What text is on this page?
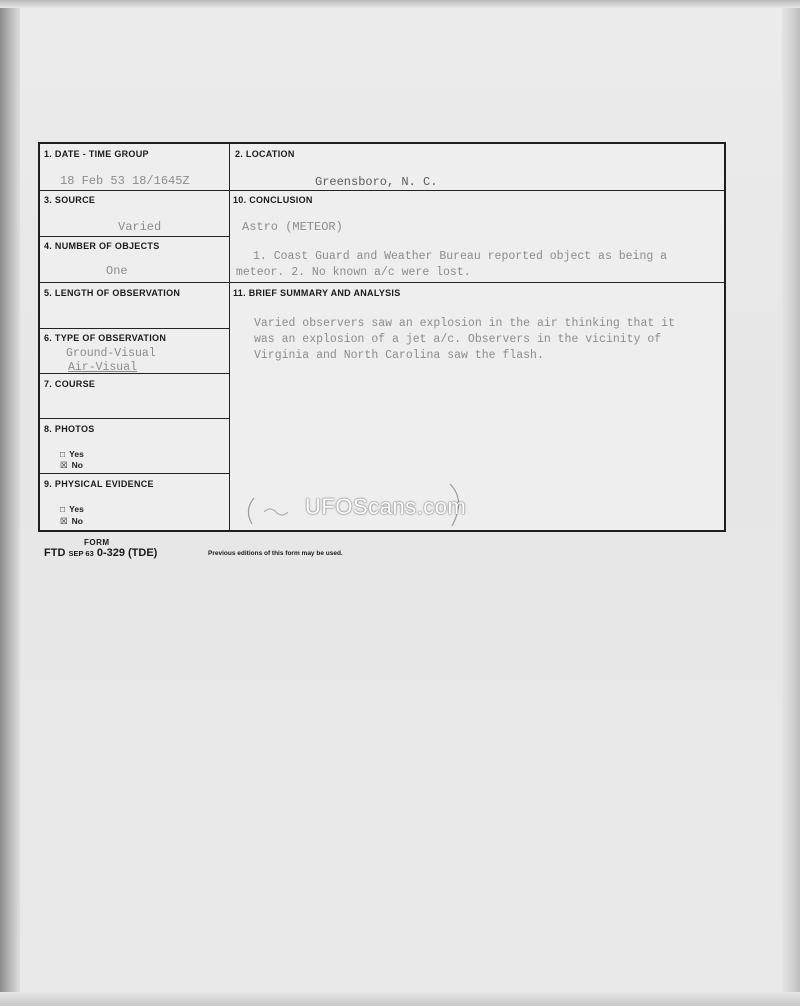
1. DATE - TIME GROUP
18 Feb 53 18/1645Z
2. LOCATION
Greensboro, N. C.
3. SOURCE
Varied
10. CONCLUSION
Astro (METEOR)
4. NUMBER OF OBJECTS
One
1. Coast Guard and Weather Bureau reported object as being a
meteor. 2. No known a/c were lost.
5. LENGTH OF OBSERVATION	11. BRIEF SUMMARY AND ANALYSIS
Varied observers saw an explosion in the air thinking that it
was an explosion of a jet a/c. Observers in the vicinity of
Virginia and North Carolina saw the flash.
6. TYPE OF OBSERVATION
Ground-Visual
Air-Visual
7. COURSE
8. PHOTOS
□ Yes
☒ No
9. PHYSICAL EVIDENCE
□ Yes
☒ No
UFOScans.com
FORM
FTD SEP 63 0-329 (TDE)	Previous editions of this form may be used.
